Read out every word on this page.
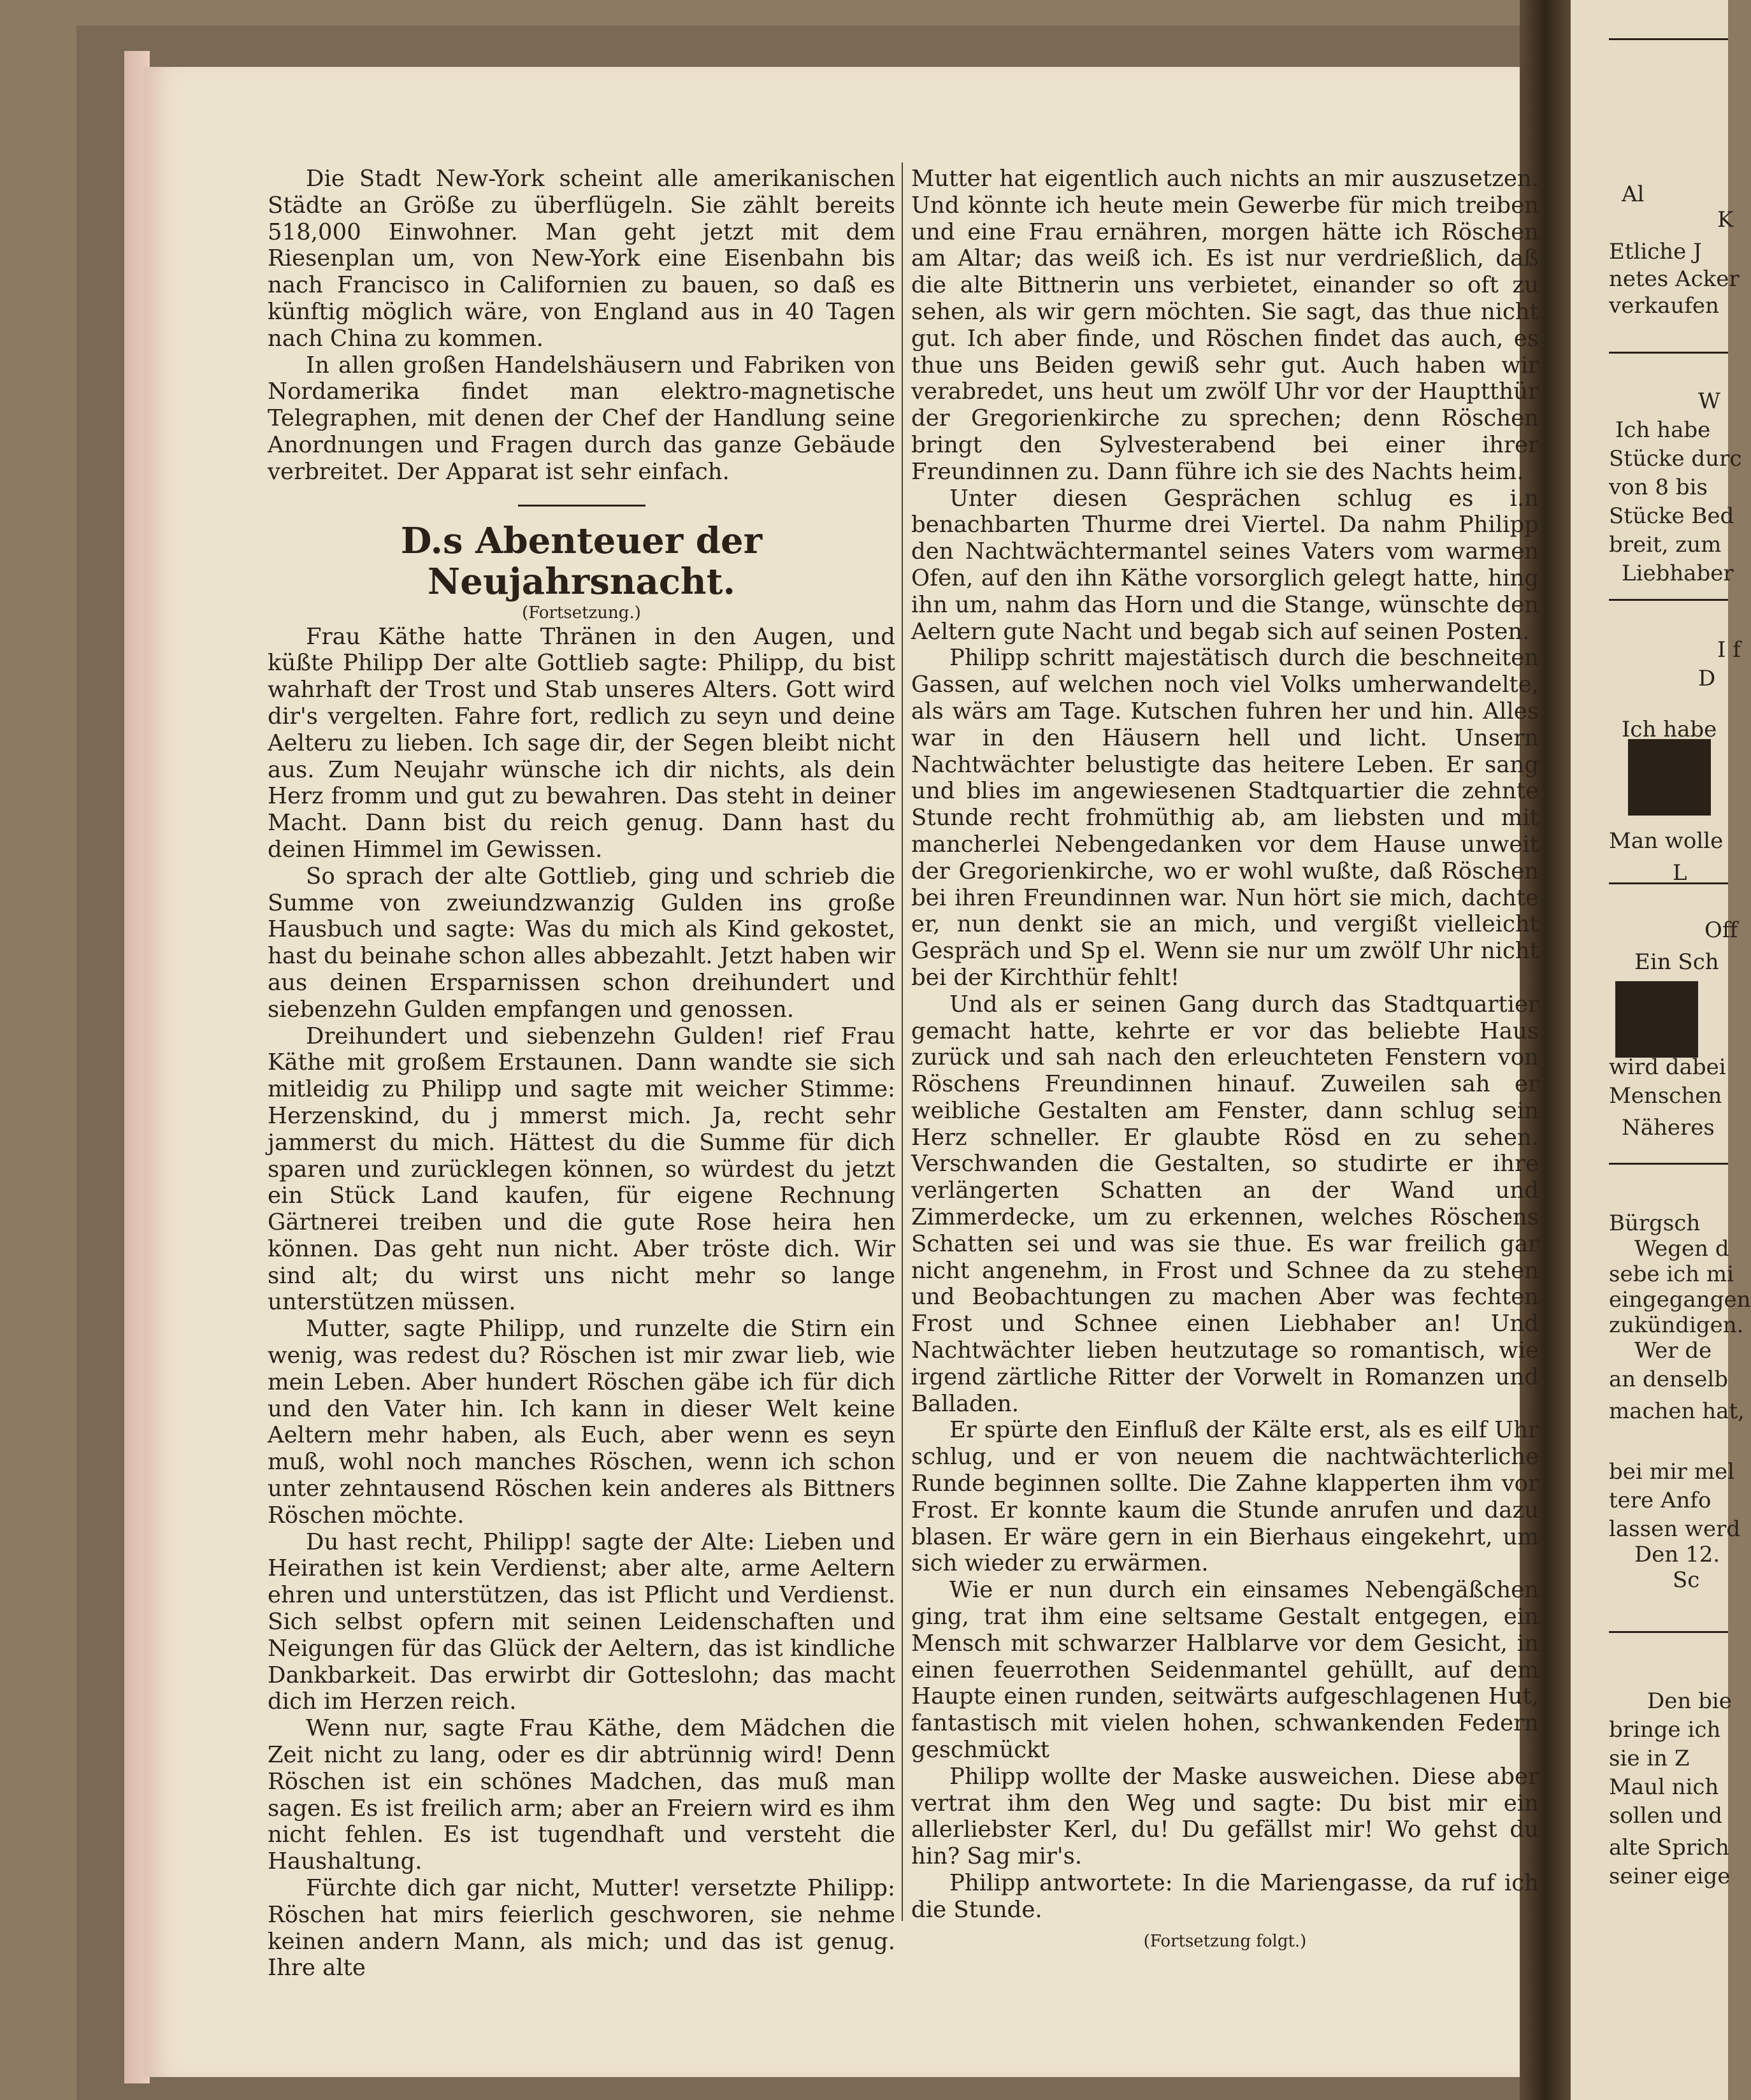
Die Stadt New-York scheint alle amerikanischen Städte an Größe zu überflügeln. Sie zählt bereits 518,000 Einwohner. Man geht jetzt mit dem Riesenplan um, von New-York eine Eisenbahn bis nach Francisco in Californien zu bauen, so daß es künftig möglich wäre, von England aus in 40 Tagen nach China zu kommen.

In allen großen Handelshäusern und Fabriken von Nordamerika findet man elektro-magnetische Telegraphen, mit denen der Chef der Handlung seine Anordnungen und Fragen durch das ganze Gebäude verbreitet. Der Apparat ist sehr einfach.

D.s Abenteuer der Neujahrsnacht.
(Fortsetzung.)

Frau Käthe hatte Thränen in den Augen, und küßte Philipp Der alte Gottlieb sagte: Philipp, du bist wahrhaft der Trost und Stab unseres Alters. Gott wird dir's vergelten. Fahre fort, redlich zu seyn und deine Aelteru zu lieben. Ich sage dir, der Segen bleibt nicht aus. Zum Neujahr wünsche ich dir nichts, als dein Herz fromm und gut zu bewahren. Das steht in deiner Macht. Dann bist du reich genug. Dann hast du deinen Himmel im Gewissen.

So sprach der alte Gottlieb, ging und schrieb die Summe von zweiundzwanzig Gulden ins große Hausbuch und sagte: Was du mich als Kind gekostet, hast du beinahe schon alles abbezahlt. Jetzt haben wir aus deinen Ersparnissen schon dreihundert und siebenzehn Gulden empfangen und genossen.

Dreihundert und siebenzehn Gulden! rief Frau Käthe mit großem Erstaunen. Dann wandte sie sich mitleidig zu Philipp und sagte mit weicher Stimme: Herzenskind, du j mmerst mich. Ja, recht sehr jammerst du mich. Hättest du die Summe für dich sparen und zurücklegen können, so würdest du jetzt ein Stück Land kaufen, für eigene Rechnung Gärtnerei treiben und die gute Rose heira hen können. Das geht nun nicht. Aber tröste dich. Wir sind alt; du wirst uns nicht mehr so lange unterstützen müssen.

Mutter, sagte Philipp, und runzelte die Stirn ein wenig, was redest du? Röschen ist mir zwar lieb, wie mein Leben. Aber hundert Röschen gäbe ich für dich und den Vater hin. Ich kann in dieser Welt keine Aeltern mehr haben, als Euch, aber wenn es seyn muß, wohl noch manches Röschen, wenn ich schon unter zehntausend Röschen kein anderes als Bittners Röschen möchte.

Du hast recht, Philipp! sagte der Alte: Lieben und Heirathen ist kein Verdienst; aber alte, arme Aeltern ehren und unterstützen, das ist Pflicht und Verdienst. Sich selbst opfern mit seinen Leidenschaften und Neigungen für das Glück der Aeltern, das ist kindliche Dankbarkeit. Das erwirbt dir Gotteslohn; das macht dich im Herzen reich.

Wenn nur, sagte Frau Käthe, dem Mädchen die Zeit nicht zu lang, oder es dir abtrünnig wird! Denn Röschen ist ein schönes Madchen, das muß man sagen. Es ist freilich arm; aber an Freiern wird es ihm nicht fehlen. Es ist tugendhaft und versteht die Haushaltung.

Fürchte dich gar nicht, Mutter! versetzte Philipp: Röschen hat mirs feierlich geschworen, sie nehme keinen andern Mann, als mich; und das ist genug. Ihre alte

Mutter hat eigentlich auch nichts an mir auszusetzen. Und könnte ich heute mein Gewerbe für mich treiben und eine Frau ernähren, morgen hätte ich Röschen am Altar; das weiß ich. Es ist nur verdrießlich, daß die alte Bittnerin uns verbietet, einander so oft zu sehen, als wir gern möchten. Sie sagt, das thue nicht gut. Ich aber finde, und Röschen findet das auch, es thue uns Beiden gewiß sehr gut. Auch haben wir verabredet, uns heut um zwölf Uhr vor der Hauptthür der Gregorienkirche zu sprechen; denn Röschen bringt den Sylvesterabend bei einer ihrer Freundinnen zu. Dann führe ich sie des Nachts heim.

Unter diesen Gesprächen schlug es i.n benachbarten Thurme drei Viertel. Da nahm Philipp den Nachtwächtermantel seines Vaters vom warmen Ofen, auf den ihn Käthe vorsorglich gelegt hatte, hing ihn um, nahm das Horn und die Stange, wünschte den Aeltern gute Nacht und begab sich auf seinen Posten.

Philipp schritt majestätisch durch die beschneiten Gassen, auf welchen noch viel Volks umherwandelte, als wärs am Tage. Kutschen fuhren her und hin. Alles war in den Häusern hell und licht. Unsern Nachtwächter belustigte das heitere Leben. Er sang und blies im angewiesenen Stadtquartier die zehnte Stunde recht frohmüthig ab, am liebsten und mit mancherlei Nebengedanken vor dem Hause unweit der Gregorienkirche, wo er wohl wußte, daß Röschen bei ihren Freundinnen war. Nun hört sie mich, dachte er, nun denkt sie an mich, und vergißt vielleicht Gespräch und Sp el. Wenn sie nur um zwölf Uhr nicht bei der Kirchthür fehlt!

Und als er seinen Gang durch das Stadtquartier gemacht hatte, kehrte er vor das beliebte Haus zurück und sah nach den erleuchteten Fenstern von Röschens Freundinnen hinauf. Zuweilen sah er weibliche Gestalten am Fenster, dann schlug sein Herz schneller. Er glaubte Rösd en zu sehen. Verschwanden die Gestalten, so studirte er ihre verlängerten Schatten an der Wand und Zimmerdecke, um zu erkennen, welches Röschens Schatten sei und was sie thue. Es war freilich gar nicht angenehm, in Frost und Schnee da zu stehen und Beobachtungen zu machen Aber was fechten Frost und Schnee einen Liebhaber an! Und Nachtwächter lieben heutzutage so romantisch, wie irgend zärtliche Ritter der Vorwelt in Romanzen und Balladen.

Er spürte den Einfluß der Kälte erst, als es eilf Uhr schlug, und er von neuem die nachtwächterliche Runde beginnen sollte. Die Zahne klapperten ihm vor Frost. Er konnte kaum die Stunde anrufen und dazu blasen. Er wäre gern in ein Bierhaus eingekehrt, um sich wieder zu erwärmen.

Wie er nun durch ein einsames Nebengäßchen ging, trat ihm eine seltsame Gestalt entgegen, ein Mensch mit schwarzer Halblarve vor dem Gesicht, in einen feuerrothen Seidenmantel gehüllt, auf dem Haupte einen runden, seitwärts aufgeschlagenen Hut, fantastisch mit vielen hohen, schwankenden Federn geschmückt

Philipp wollte der Maske ausweichen. Diese aber vertrat ihm den Weg und sagte: Du bist mir ein allerliebster Kerl, du! Du gefällst mir! Wo gehst du hin? Sag mir's.

Philipp antwortete: In die Mariengasse, da ruf ich die Stunde.

(Fortsetzung folgt.)
Al
K
Etliche J
netes Acker
verkaufen
W
Ich habe
Stücke durc
von 8 bis
Stücke Bed
breit, zum
Liebhaber
I f
D
Ich habe
Man wolle
L
Off
Ein Sch
wird dabei
Menschen
Näheres
Bürgsch
Wegen d
sebe ich mi
eingegangen
zukündigen.
Wer de
an denselb
machen hat,
bei mir mel
tere Anfo
lassen werd
Den 12.
Sc
Den bie
bringe ich
sie in Z
Maul nich
sollen und
alte Sprich
seiner eige
